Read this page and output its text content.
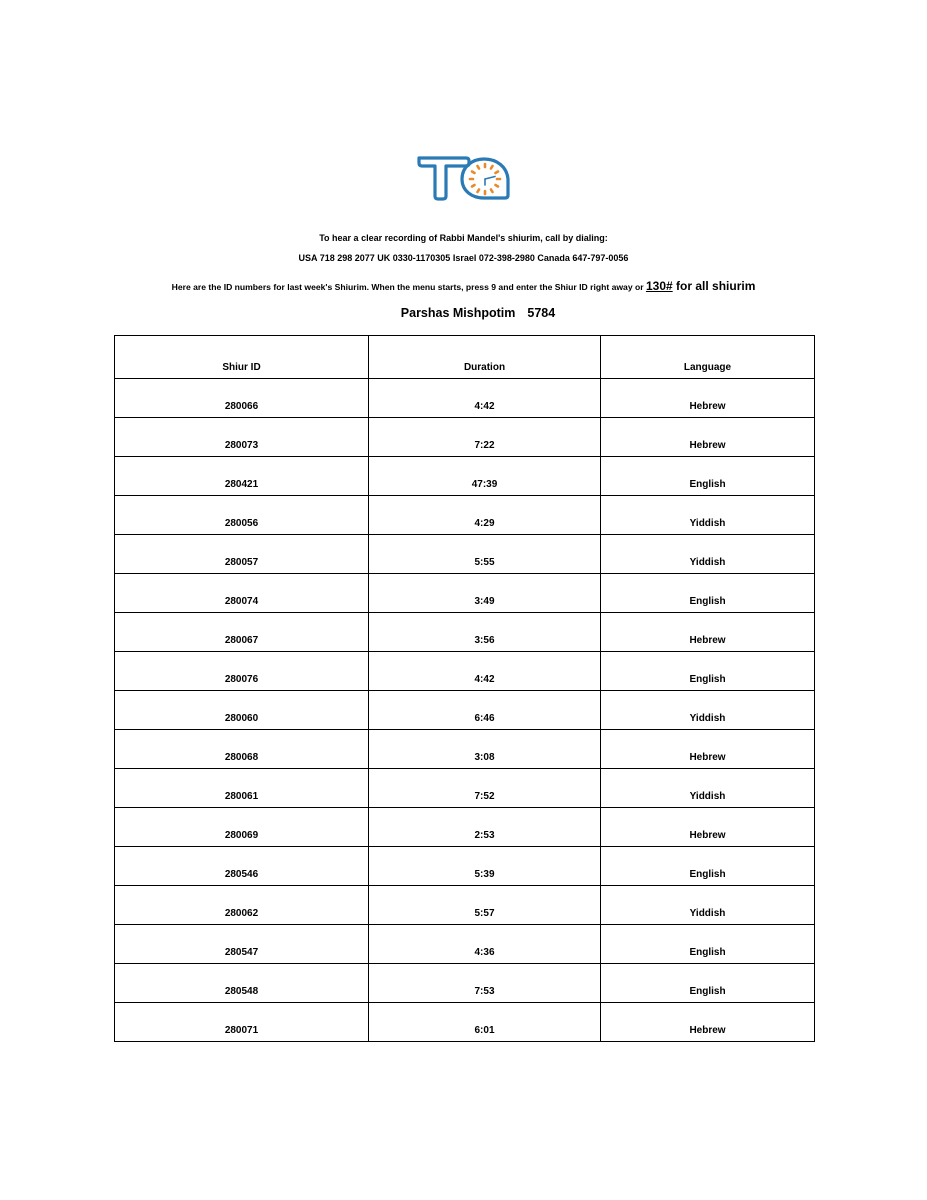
To hear a clear recording of Rabbi Mandel's shiurim, call by dialing:
USA 718 298 2077 UK 0330-1170305 Israel 072-398-2980 Canada 647-797-0056
Here are the ID numbers for last week's Shiurim. When the menu starts, press 9 and enter the Shiur ID right away or 130# for all shiurim
Parshas Mishpotim 5784
Shiur ID	Duration	Language
280066	4:42	Hebrew
280073	7:22	Hebrew
280421	47:39	English
280056	4:29	Yiddish
280057	5:55	Yiddish
280074	3:49	English
280067	3:56	Hebrew
280076	4:42	English
280060	6:46	Yiddish
280068	3:08	Hebrew
280061	7:52	Yiddish
280069	2:53	Hebrew
280546	5:39	English
280062	5:57	Yiddish
280547	4:36	English
280548	7:53	English
280071	6:01	Hebrew
